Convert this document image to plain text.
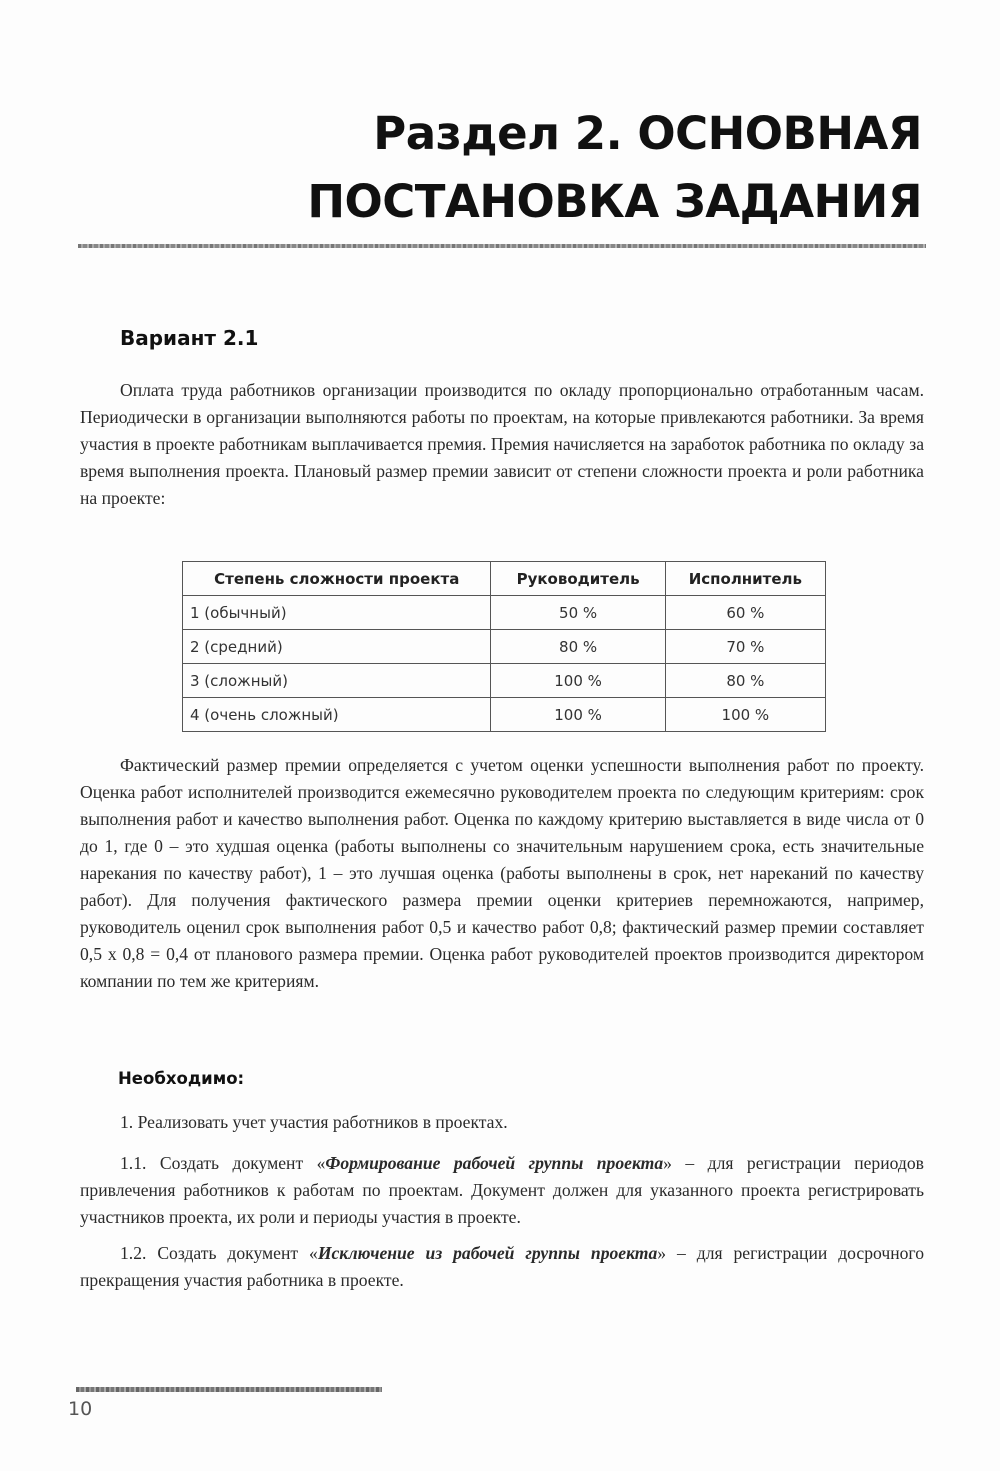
Раздел 2. ОСНОВНАЯ
ПОСТАНОВКА ЗАДАНИЯ
Вариант 2.1

Оплата труда работников организации производится по окладу пропорционально отработанным часам. Периодически в организации выполняются работы по проектам, на которые привлекаются работники. За время участия в проекте работникам выплачивается премия. Премия начисляется на заработок работника по окладу за время выполнения проекта. Плановый размер премии зависит от степени сложности проекта и роли работника на проекте:

Степень сложности проекта	Руководитель	Исполнитель
1 (обычный)	50 %	60 %
2 (средний)	80 %	70 %
3 (сложный)	100 %	80 %
4 (очень сложный)	100 %	100 %

Фактический размер премии определяется с учетом оценки успешности выполнения работ по проекту. Оценка работ исполнителей производится ежемесячно руководителем проекта по следующим критериям: срок выполнения работ и качество выполнения работ. Оценка по каждому критерию выставляется в виде числа от 0 до 1, где 0 – это худшая оценка (работы выполнены со значительным нарушением срока, есть значительные нарекания по качеству работ), 1 – это лучшая оценка (работы выполнены в срок, нет нареканий по качеству работ). Для получения фактического размера премии оценки критериев перемножаются, например, руководитель оценил срок выполнения работ 0,5 и качество работ 0,8; фактический размер премии составляет 0,5 x 0,8 = 0,4 от планового размера премии. Оценка работ руководителей проектов производится директором компании по тем же критериям.

Необходимо:

1. Реализовать учет участия работников в проектах.

1.1. Создать документ «Формирование рабочей группы проекта» – для регистрации периодов привлечения работников к работам по проектам. Документ должен для указанного проекта регистрировать участников проекта, их роли и периоды участия в проекте.

1.2. Создать документ «Исключение из рабочей группы проекта» – для регистрации досрочного прекращения участия работника в проекте.

10
